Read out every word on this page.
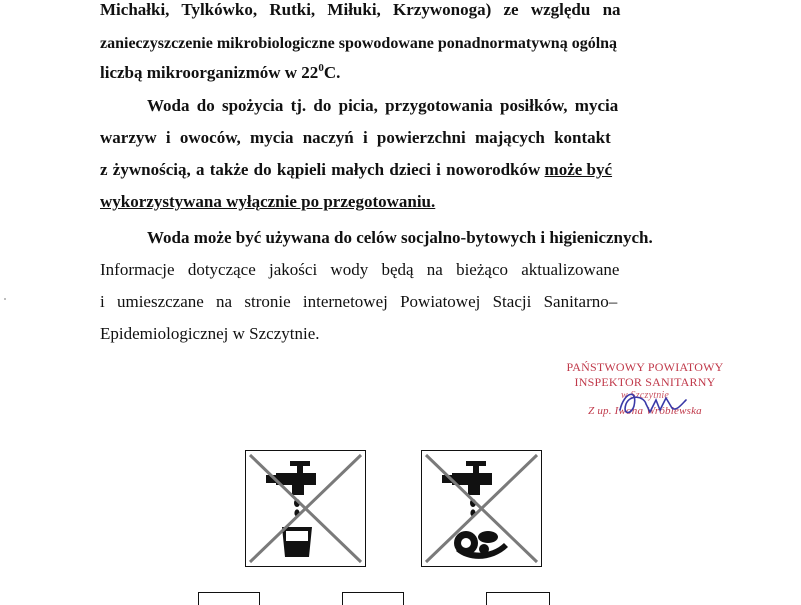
Michałki, Tylkówko, Rutki, Miłuki, Krzywonoga) ze względu na
zanieczyszczenie mikrobiologiczne spowodowane ponadnormatywną ogólną
liczbą mikroorganizmów w $22^0C$.
Woda do spożycia tj. do picia, przygotowania posiłków, mycia
warzyw i owoców, mycia naczyń i powierzchni mających kontakt
z żywnością, a także do kąpieli małych dzieci i noworodków może być
wykorzystywana wyłącznie po przegotowaniu.
Woda może być używana do celów socjalno-bytowych i higienicznych.
Informacje dotyczące jakości wody będą na bieżąco aktualizowane
i umieszczane na stronie internetowej Powiatowej Stacji Sanitarno–
Epidemiologicznej w Szczytnie.
PAŃSTWOWY POWIATOWY
INSPEKTOR SANITARNY
w Szczytnie
Z up. Iwona Wróblewska
